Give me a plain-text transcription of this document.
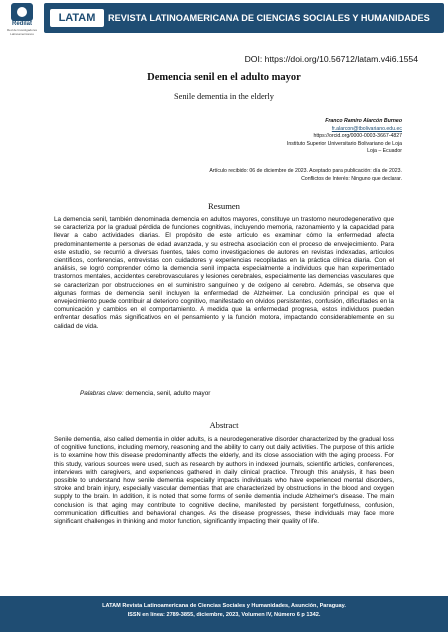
Redilat
Red de Investigadores Latinoamericanos
LATAM	REVISTA LATINOAMERICANA DE CIENCIAS SOCIALES Y HUMANIDADES
DOI: https://doi.org/10.56712/latam.v4i6.1554
Demencia senil en el adulto mayor
Senile dementia in the elderly
Franco Ramiro Alarcón Burneo
fr.alarcon@tbolivariano.edu.ec
https://orcid.org/0000-0003-3667-4827
Instituto Superior Universitario Bolivariano de Loja
Loja – Ecuador
Artículo recibido: 06 de diciembre de 2023. Aceptado para publicación: día de 2023.
Conflictos de Interés: Ninguno que declarar.
Resumen
La demencia senil, también denominada demencia en adultos mayores, constituye un trastorno neurodegenerativo que se caracteriza por la gradual pérdida de funciones cognitivas, incluyendo memoria, razonamiento y la capacidad para llevar a cabo actividades diarias. El propósito de este artículo es examinar cómo la enfermedad afecta predominantemente a personas de edad avanzada, y su estrecha asociación con el proceso de envejecimiento. Para este estudio, se recurrió a diversas fuentes, tales como investigaciones de autores en revistas indexadas, artículos científicos, conferencias, entrevistas con cuidadores y experiencias recopiladas en la práctica clínica diaria. Con el análisis, se logró comprender cómo la demencia senil impacta especialmente a individuos que han experimentado trastornos mentales, accidentes cerebrovasculares y lesiones cerebrales, especialmente las demencias vasculares que se caracterizan por obstrucciones en el suministro sanguíneo y de oxígeno al cerebro. Además, se observa que algunas formas de demencia senil incluyen la enfermedad de Alzheimer. La conclusión principal es que el envejecimiento puede contribuir al deterioro cognitivo, manifestado en olvidos persistentes, confusión, dificultades en la comunicación y cambios en el comportamiento. A medida que la enfermedad progresa, estos individuos pueden enfrentar desafíos más significativos en el pensamiento y la función motora, impactando considerablemente en su calidad de vida.
Palabras clave: demencia, senil, adulto mayor
Abstract
Senile dementia, also called dementia in older adults, is a neurodegenerative disorder characterized by the gradual loss of cognitive functions, including memory, reasoning and the ability to carry out daily activities. The purpose of this article is to examine how this disease predominantly affects the elderly, and its close association with the aging process. For this study, various sources were used, such as research by authors in indexed journals, scientific articles, conferences, interviews with caregivers, and experiences gathered in daily clinical practice. Through this analysis, it has been possible to understand how senile dementia especially impacts individuals who have experienced mental disorders, stroke and brain injury, especially vascular dementias that are characterized by obstructions in the blood and oxygen supply to the brain. In addition, it is noted that some forms of senile dementia include Alzheimer's disease. The main conclusion is that aging may contribute to cognitive decline, manifested by persistent forgetfulness, confusion, communication difficulties and behavioral changes. As the disease progresses, these individuals may face more significant challenges in thinking and motor function, significantly impacting their quality of life.
LATAM Revista Latinoamericana de Ciencias Sociales y Humanidades, Asunción, Paraguay.
ISSN en línea: 2789-3855, diciembre, 2023, Volumen IV, Número 6 p 1342.
